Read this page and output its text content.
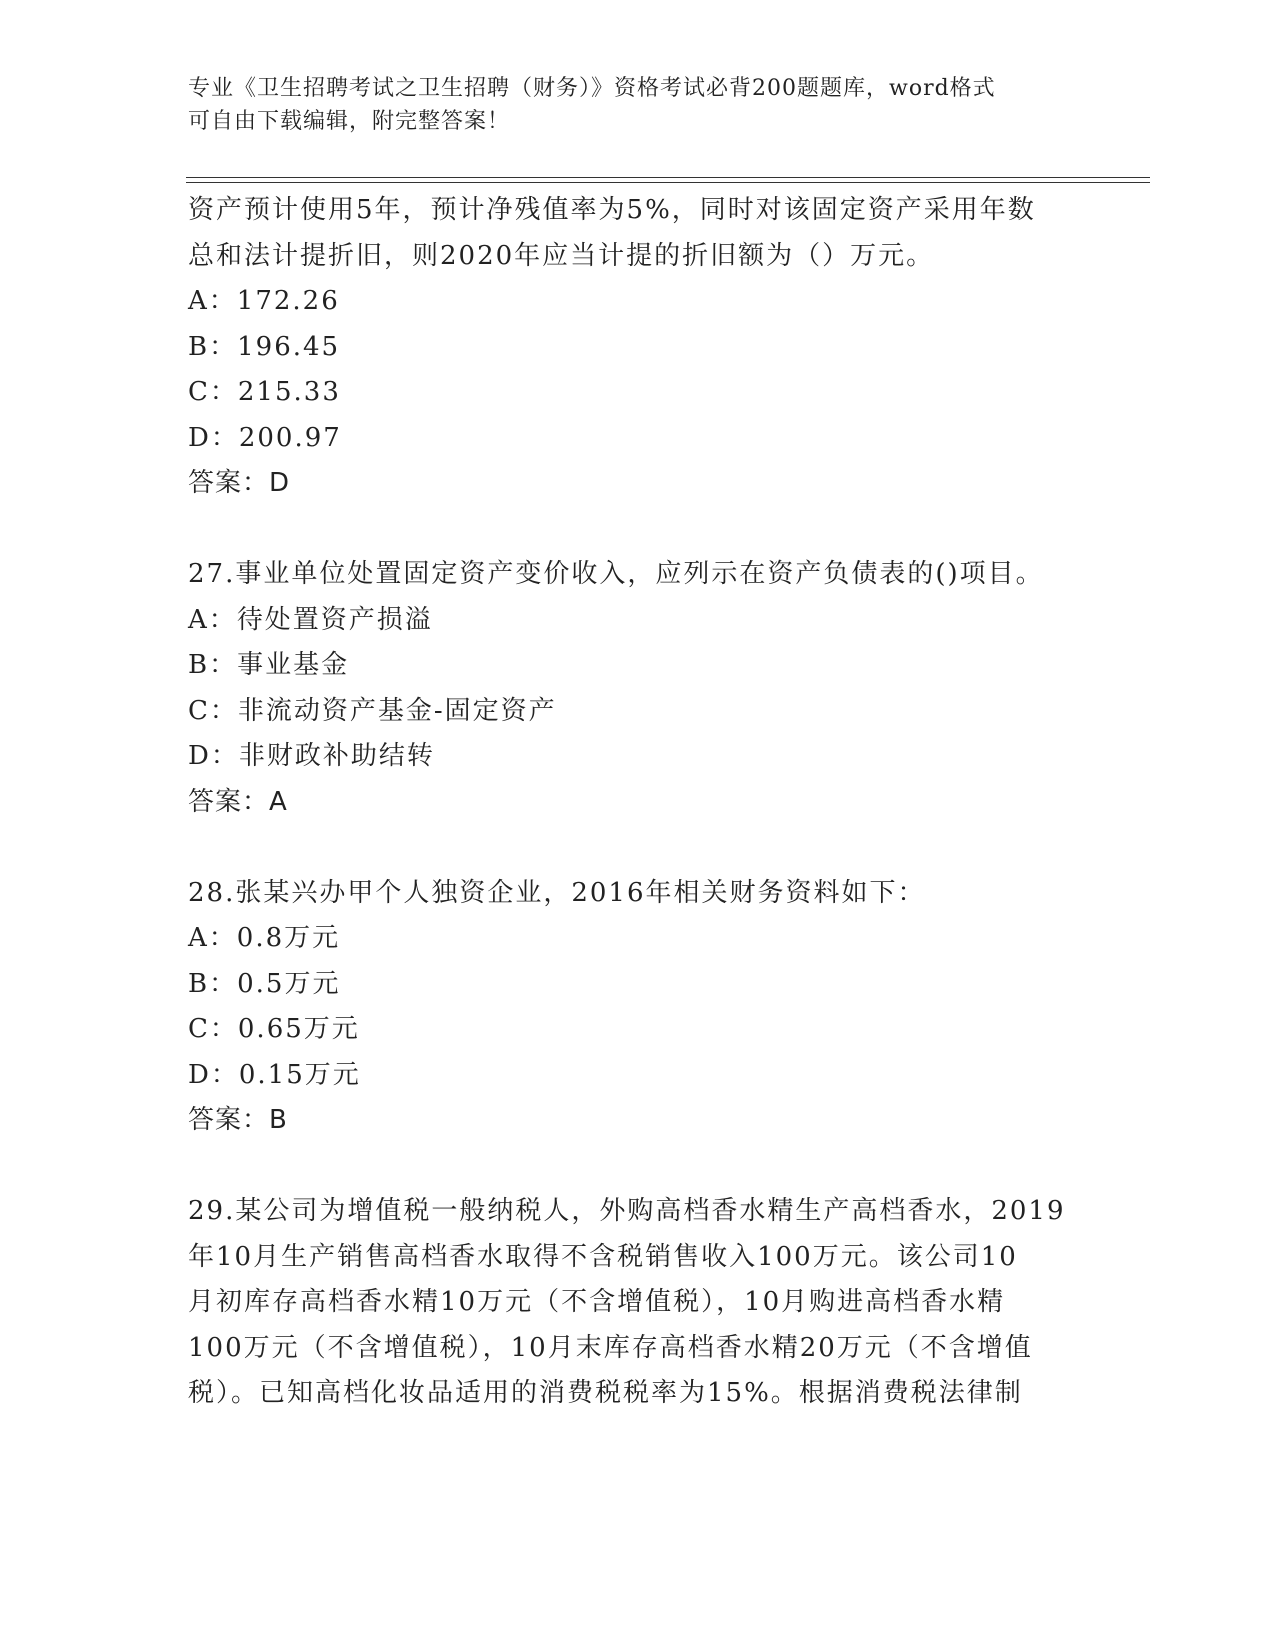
专业《卫生招聘考试之卫生招聘（财务）》资格考试必背200题题库，word格式
可自由下载编辑，附完整答案！
资产预计使用5年，预计净残值率为5%，同时对该固定资产采用年数
总和法计提折旧，则2020年应当计提的折旧额为（）万元。
A：172.26
B：196.45
C：215.33
D：200.97
答案：D
27.事业单位处置固定资产变价收入，应列示在资产负债表的()项目。
A：待处置资产损溢
B：事业基金
C：非流动资产基金-固定资产
D：非财政补助结转
答案：A
28.张某兴办甲个人独资企业，2016年相关财务资料如下：
A：0.8万元
B：0.5万元
C：0.65万元
D：0.15万元
答案：B
29.某公司为增值税一般纳税人，外购高档香水精生产高档香水，2019
年10月生产销售高档香水取得不含税销售收入100万元。该公司10
月初库存高档香水精10万元（不含增值税），10月购进高档香水精
100万元（不含增值税），10月末库存高档香水精20万元（不含增值
税）。已知高档化妆品适用的消费税税率为15%。根据消费税法律制
